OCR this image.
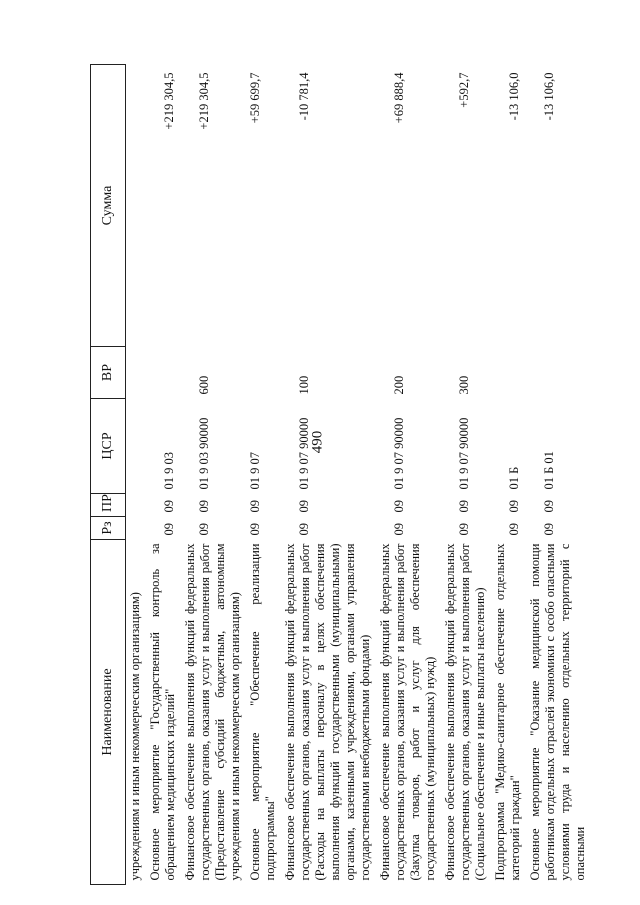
490
Наименование	Рз	ПР	ЦСР	ВР	Сумма
учреждениям и иным некоммерческим организациям)					
Основное мероприятие "Государственный контроль за обращением медицинских изделий"	09	09	01 9 03		+219 304,5
Финансовое обеспечение выполнения функций федеральных государственных органов, оказания услуг и выполнения работ (Предоставление субсидий бюджетным, автономным учреждениям и иным некоммерческим организациям)	09	09	01 9 03 90000	600	+219 304,5
Основное мероприятие "Обеспечение реализации подпрограммы"	09	09	01 9 07		+59 699,7
Финансовое обеспечение выполнения функций федеральных государственных органов, оказания услуг и выполнения работ (Расходы на выплаты персоналу в целях обеспечения выполнения функций государственными (муниципальными) органами, казенными учреждениями, органами управления государственными внебюджетными фондами)	09	09	01 9 07 90000	100	-10 781,4
Финансовое обеспечение выполнения функций федеральных государственных органов, оказания услуг и выполнения работ (Закупка товаров, работ и услуг для обеспечения государственных (муниципальных) нужд)	09	09	01 9 07 90000	200	+69 888,4
Финансовое обеспечение выполнения функций федеральных государственных органов, оказания услуг и выполнения работ (Социальное обеспечение и иные выплаты населению)	09	09	01 9 07 90000	300	+592,7
Подпрограмма "Медико-санитарное обеспечение отдельных категорий граждан"	09	09	01 Б		-13 106,0
Основное мероприятие "Оказание медицинской помощи работникам отдельных отраслей экономики с особо опасными условиями труда и населению отдельных территорий с опасными	09	09	01 Б 01		-13 106,0
